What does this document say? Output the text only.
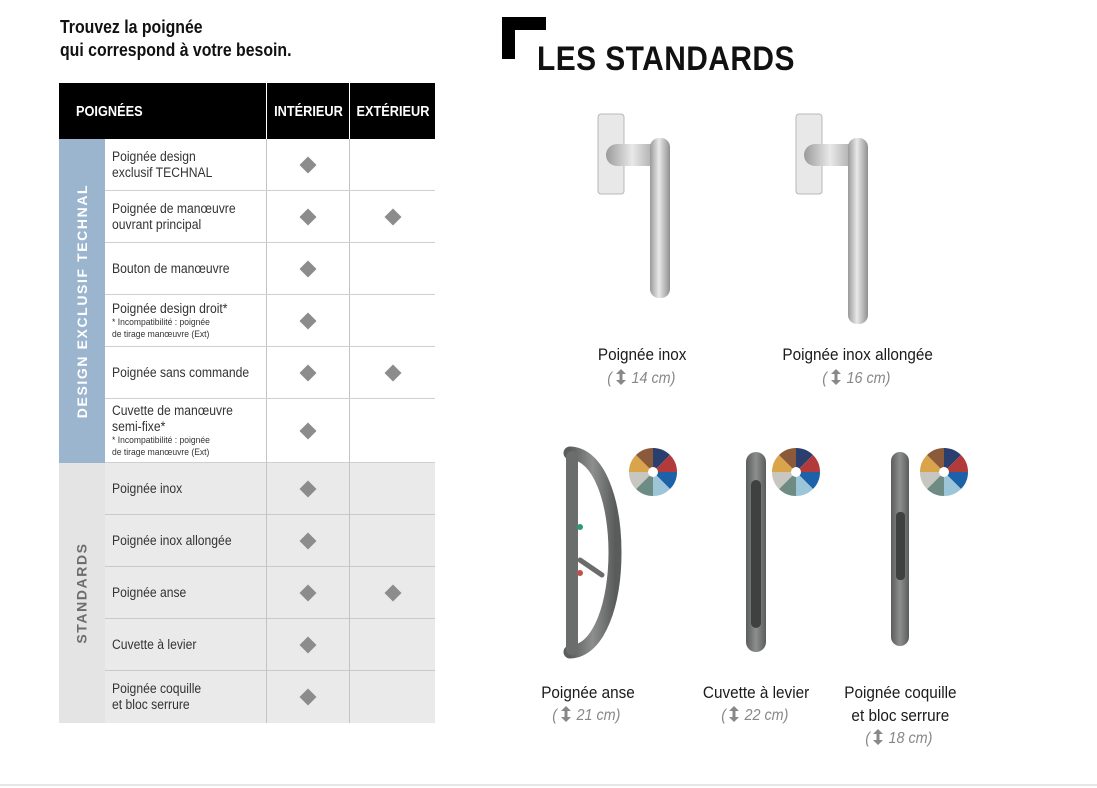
Trouvez la poignée
qui correspond à votre besoin.
POIGNÉES	INTÉRIEUR EXTÉRIEUR
DESIGN EXCLUSIF TECHNAL
STANDARDS
Poignée design
exclusif TECHNAL
Poignée de manœuvre
ouvrant principal
Bouton de manœuvre
Poignée design droit*
* Incompatibilité : poignée
de tirage manœuvre (Ext)
Poignée sans commande
Cuvette de manœuvre
semi-fixe*
* Incompatibilité : poignée
de tirage manœuvre (Ext)
Poignée inox
Poignée inox allongée
Poignée anse
Cuvette à levier
Poignée coquille
et bloc serrure
LES STANDARDS
Poignée inox
( 14 cm)
Poignée inox allongée
( 16 cm)
Poignée anse
( 21 cm)
Cuvette à levier
( 22 cm)
Poignée coquille
et bloc serrure
( 18 cm)
